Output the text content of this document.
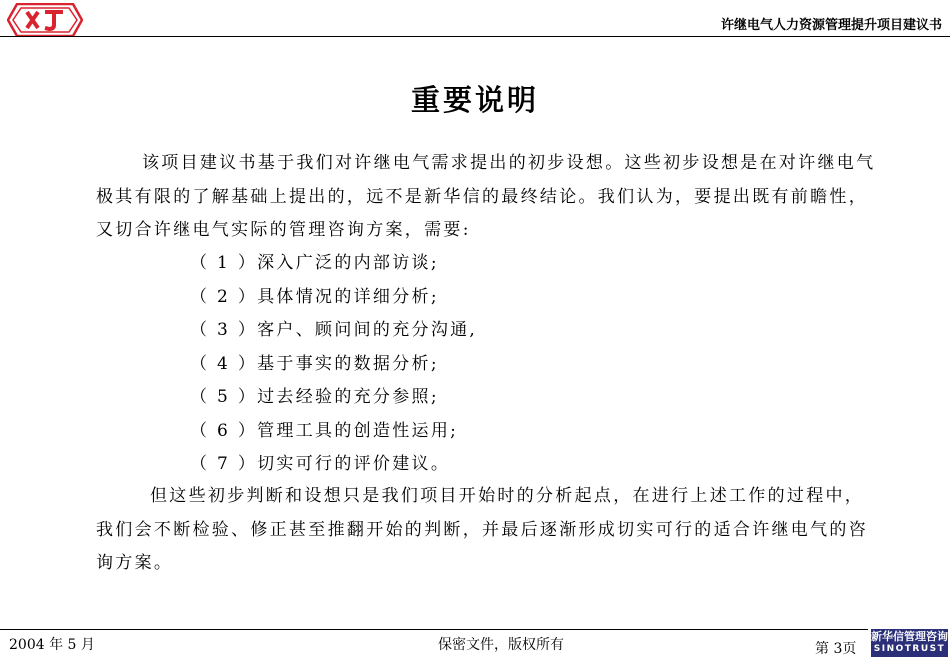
许继电气人力资源管理提升项目建议书
重要说明
该项目建议书基于我们对许继电气需求提出的初步设想。这些初步设想是在对许继电气
极其有限的了解基础上提出的，远不是新华信的最终结论。我们认为，要提出既有前瞻性，
又切合许继电气实际的管理咨询方案，需要:
（ 1 ）深入广泛的内部访谈;
（ 2 ）具体情况的详细分析;
（ 3 ）客户、顾问间的充分沟通,
（ 4 ）基于事实的数据分析;
（ 5 ）过去经验的充分参照;
（ 6 ）管理工具的创造性运用;
（ 7 ）切实可行的评价建议。
但这些初步判断和设想只是我们项目开始时的分析起点，在进行上述工作的过程中，
我们会不断检验、修正甚至推翻开始的判断，并最后逐渐形成切实可行的适合许继电气的咨
询方案。
2004 年 5 月	保密文件，版权所有	第 3页
新华信管理咨询
SINOTRUST
